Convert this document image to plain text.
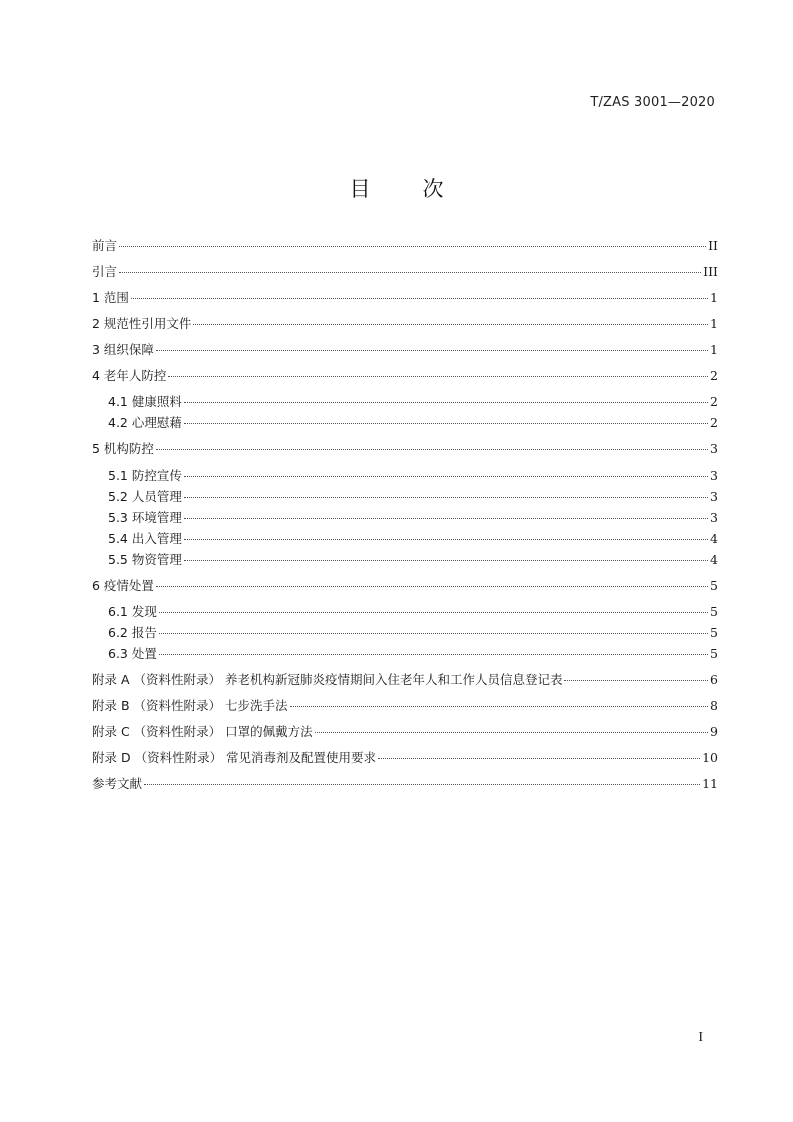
T/ZAS 3001—2020
目次
前言	II
引言	III
1 范围	1
2 规范性引用文件	1
3 组织保障	1
4 老年人防控	2
4.1 健康照料	2
4.2 心理慰藉	2
5 机构防控	3
5.1 防控宣传	3
5.2 人员管理	3
5.3 环境管理	3
5.4 出入管理	4
5.5 物资管理	4
6 疫情处置	5
6.1 发现	5
6.2 报告	5
6.3 处置	5
附录 A （资料性附录） 养老机构新冠肺炎疫情期间入住老年人和工作人员信息登记表	6
附录 B （资料性附录） 七步洗手法	8
附录 C （资料性附录） 口罩的佩戴方法	9
附录 D （资料性附录） 常见消毒剂及配置使用要求	10
参考文献	11
I
